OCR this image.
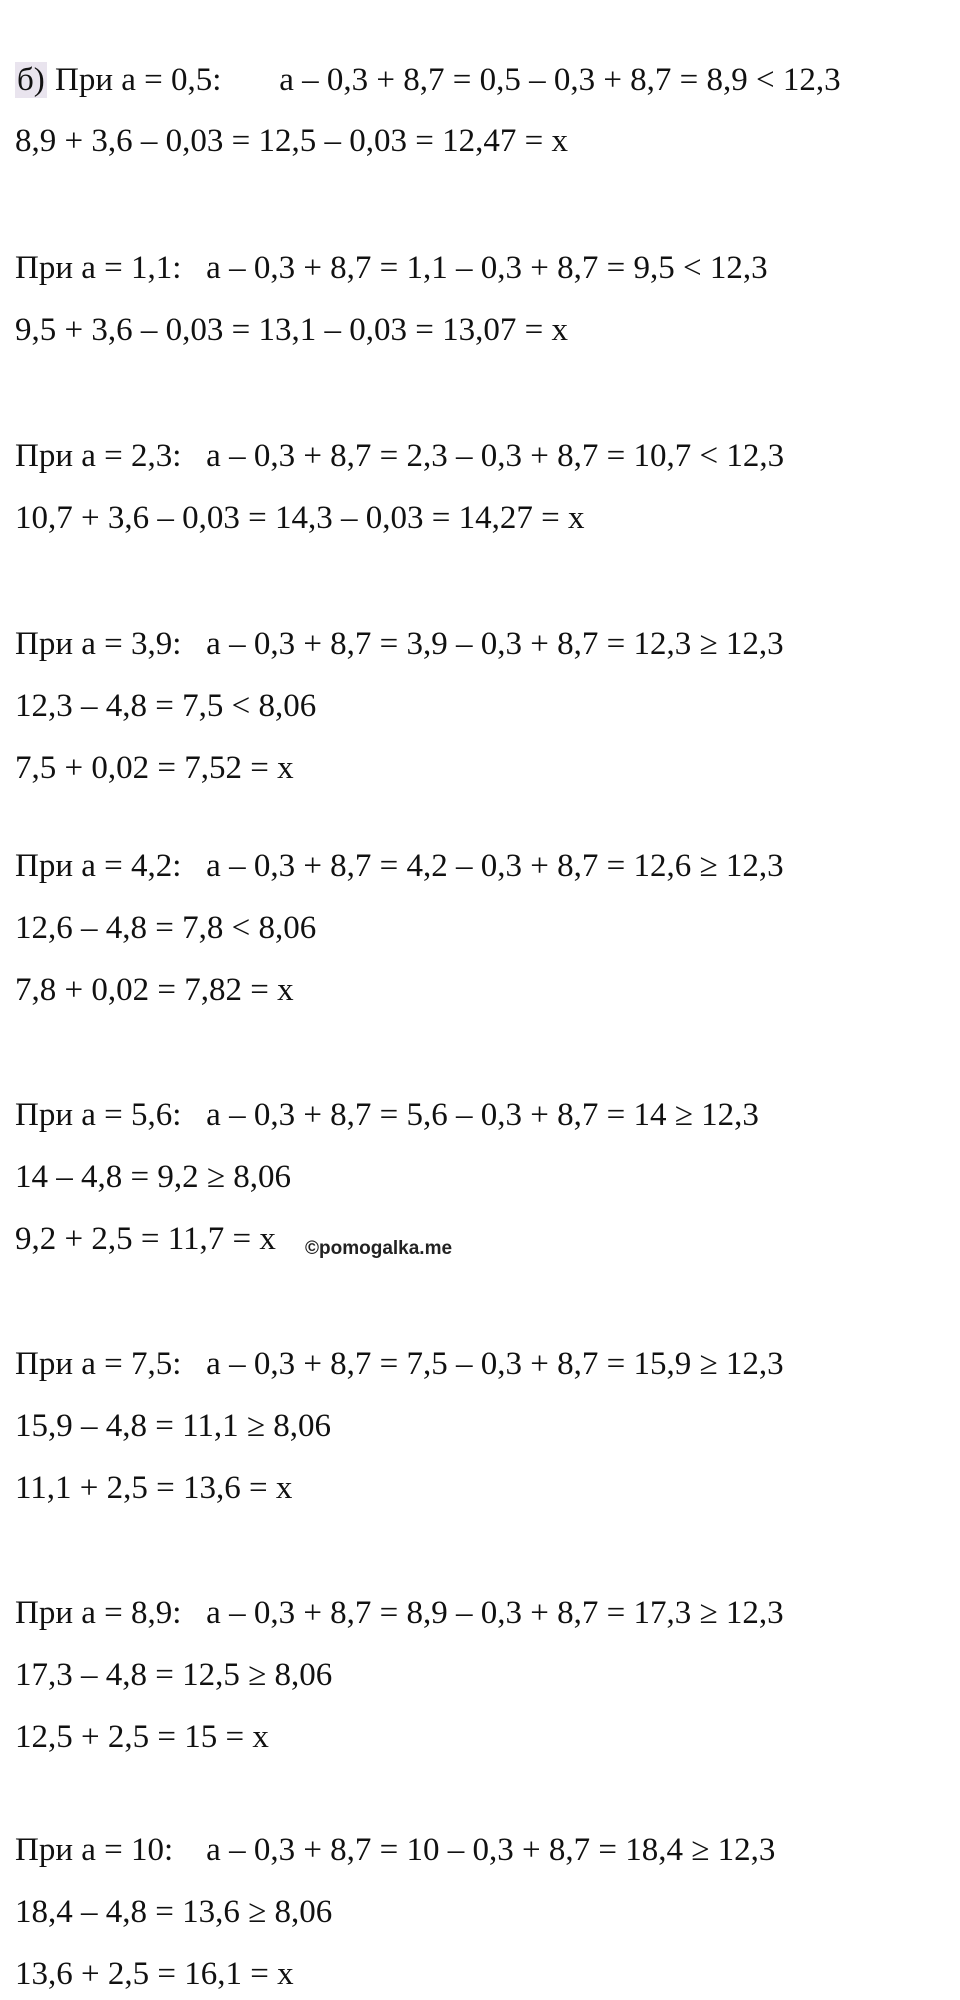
б) При a = 0,5:       a – 0,3 + 8,7 = 0,5 – 0,3 + 8,7 = 8,9 < 12,3
8,9 + 3,6 – 0,03 = 12,5 – 0,03 = 12,47 = x
При a = 1,1:   a – 0,3 + 8,7 = 1,1 – 0,3 + 8,7 = 9,5 < 12,3
9,5 + 3,6 – 0,03 = 13,1 – 0,03 = 13,07 = x
При a = 2,3:   a – 0,3 + 8,7 = 2,3 – 0,3 + 8,7 = 10,7 < 12,3
10,7 + 3,6 – 0,03 = 14,3 – 0,03 = 14,27 = x
При a = 3,9:   a – 0,3 + 8,7 = 3,9 – 0,3 + 8,7 = 12,3 ≥ 12,3
12,3 – 4,8 = 7,5 < 8,06
7,5 + 0,02 = 7,52 = x
При a = 4,2:   a – 0,3 + 8,7 = 4,2 – 0,3 + 8,7 = 12,6 ≥ 12,3
12,6 – 4,8 = 7,8 < 8,06
7,8 + 0,02 = 7,82 = x
При a = 5,6:   a – 0,3 + 8,7 = 5,6 – 0,3 + 8,7 = 14 ≥ 12,3
14 – 4,8 = 9,2 ≥ 8,06
9,2 + 2,5 = 11,7 = x ©pomogalka.me
При a = 7,5:   a – 0,3 + 8,7 = 7,5 – 0,3 + 8,7 = 15,9 ≥ 12,3
15,9 – 4,8 = 11,1 ≥ 8,06
11,1 + 2,5 = 13,6 = x
При a = 8,9:   a – 0,3 + 8,7 = 8,9 – 0,3 + 8,7 = 17,3 ≥ 12,3
17,3 – 4,8 = 12,5 ≥ 8,06
12,5 + 2,5 = 15 = x
При a = 10:    a – 0,3 + 8,7 = 10 – 0,3 + 8,7 = 18,4 ≥ 12,3
18,4 – 4,8 = 13,6 ≥ 8,06
13,6 + 2,5 = 16,1 = x
